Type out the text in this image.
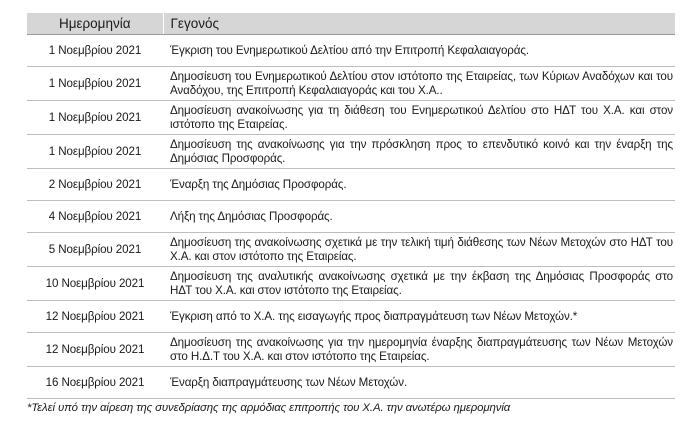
Ημερομηνία	Γεγονός
1 Νοεμβρίου 2021	Έγκριση του Ενημερωτικού Δελτίου από την Επιτροπή Κεφαλαιαγοράς.
1 Νοεμβρίου 2021	Δημοσίευση του Ενημερωτικού Δελτίου στον ιστότοπο της Εταιρείας, των Κύριων Αναδόχων και του Αναδόχου, της Επιτροπή Κεφαλαιαγοράς και του Χ.Α..
1 Νοεμβρίου 2021	Δημοσίευση ανακοίνωσης για τη διάθεση του Ενημερωτικού Δελτίου στο ΗΔΤ του Χ.Α. και στον ιστότοπο της Εταιρείας.
1 Νοεμβρίου 2021	Δημοσίευση της ανακοίνωσης για την πρόσκληση προς το επενδυτικό κοινό και την έναρξη της Δημόσιας Προσφοράς.
2 Νοεμβρίου 2021	Έναρξη της Δημόσιας Προσφοράς.
4 Νοεμβρίου 2021	Λήξη της Δημόσιας Προσφοράς.
5 Νοεμβρίου 2021	Δημοσίευση της ανακοίνωσης σχετικά με την τελική τιμή διάθεσης των Νέων Μετοχών στο ΗΔΤ του Χ.Α. και στον ιστότοπο της Εταιρείας.
10 Νοεμβρίου 2021	Δημοσίευση της αναλυτικής ανακοίνωσης σχετικά με την έκβαση της Δημόσιας Προσφοράς στο ΗΔΤ του Χ.Α. και στον ιστότοπο της Εταιρείας.
12 Νοεμβρίου 2021	Έγκριση από το Χ.Α. της εισαγωγής προς διαπραγμάτευση των Νέων Μετοχών.*
12 Νοεμβρίου 2021	Δημοσίευση της ανακοίνωσης για την ημερομηνία έναρξης διαπραγμάτευσης των Νέων Μετοχών στο Η.Δ.Τ του Χ.Α. και στον ιστότοπο της Εταιρείας.
16 Νοεμβρίου 2021	Έναρξη διαπραγμάτευσης των Νέων Μετοχών.
*Τελεί υπό την αίρεση της συνεδρίασης της αρμόδιας επιτροπής του Χ.Α. την ανωτέρω ημερομηνία
